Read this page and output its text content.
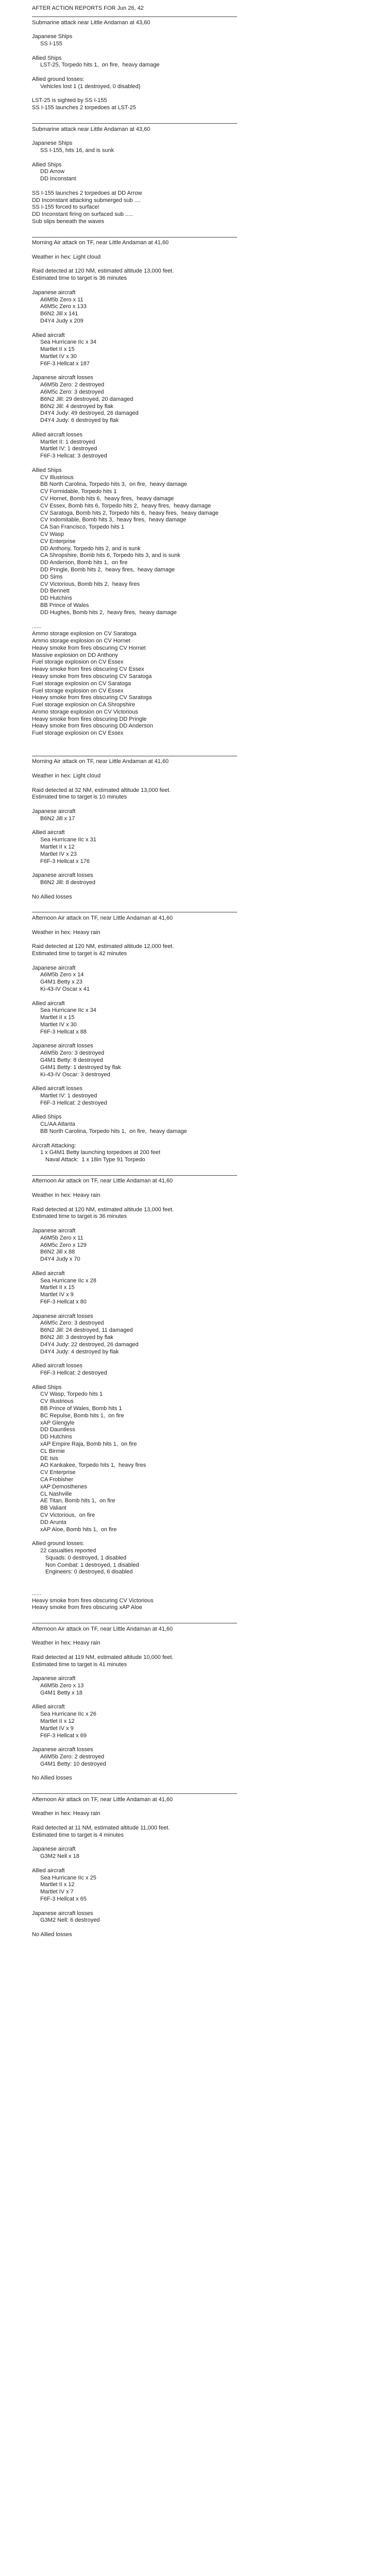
AFTER ACTION REPORTS FOR Jun 26, 42
Submarine attack near Little Andaman at 43,60
Japanese Ships
SS I-155
Allied Ships
LST-25, Torpedo hits 1,  on fire,  heavy damage
Allied ground losses:
Vehicles lost 1 (1 destroyed, 0 disabled)
LST-25 is sighted by SS I-155
SS I-155 launches 2 torpedoes at LST-25
Submarine attack near Little Andaman at 43,60
Japanese Ships
SS I-155, hits 16, and is sunk
Allied Ships
DD Arrow
DD Inconstant
SS I-155 launches 2 torpedoes at DD Arrow
DD Inconstant attacking submerged sub ....
SS I-155 forced to surface!
DD Inconstant firing on surfaced sub .....
Sub slips beneath the waves
Morning Air attack on TF, near Little Andaman at 41,60
Weather in hex: Light cloud
Raid detected at 120 NM, estimated altitude 13,000 feet.
Estimated time to target is 36 minutes
Japanese aircraft
A6M5b Zero x 11
A6M5c Zero x 133
B6N2 Jill x 141
D4Y4 Judy x 209
Allied aircraft
Sea Hurricane IIc x 34
Martlet II x 15
Martlet IV x 30
F6F-3 Hellcat x 187
Japanese aircraft losses
A6M5b Zero: 2 destroyed
A6M5c Zero: 3 destroyed
B6N2 Jill: 29 destroyed, 20 damaged
B6N2 Jill: 4 destroyed by flak
D4Y4 Judy: 49 destroyed, 26 damaged
D4Y4 Judy: 6 destroyed by flak
Allied aircraft losses
Martlet II: 1 destroyed
Martlet IV: 1 destroyed
F6F-3 Hellcat: 3 destroyed
Allied Ships
CV Illustrious
BB North Carolina, Torpedo hits 3,  on fire,  heavy damage
CV Formidable, Torpedo hits 1
CV Hornet, Bomb hits 6,  heavy fires,  heavy damage
CV Essex, Bomb hits 6, Torpedo hits 2,  heavy fires,  heavy damage
CV Saratoga, Bomb hits 2, Torpedo hits 6,  heavy fires,  heavy damage
CV Indomitable, Bomb hits 3,  heavy fires,  heavy damage
CA San Francisco, Torpedo hits 1
CV Wasp
CV Enterprise
DD Anthony, Torpedo hits 2, and is sunk
CA Shropshire, Bomb hits 6, Torpedo hits 3, and is sunk
DD Anderson, Bomb hits 1,  on fire
DD Pringle, Bomb hits 2,  heavy fires,  heavy damage
DD Sims
CV Victorious, Bomb hits 2,  heavy fires
DD Bennett
DD Hutchins
BB Prince of Wales
DD Hughes, Bomb hits 2,  heavy fires,  heavy damage
......
Ammo storage explosion on CV Saratoga
Ammo storage explosion on CV Hornet
Heavy smoke from fires obscuring CV Hornet
Massive explosion on DD Anthony
Fuel storage explosion on CV Essex
Heavy smoke from fires obscuring CV Essex
Heavy smoke from fires obscuring CV Saratoga
Fuel storage explosion on CV Saratoga
Fuel storage explosion on CV Essex
Heavy smoke from fires obscuring CV Saratoga
Fuel storage explosion on CA Shropshire
Ammo storage explosion on CV Victorious
Heavy smoke from fires obscuring DD Pringle
Heavy smoke from fires obscuring DD Anderson
Fuel storage explosion on CV Essex
Morning Air attack on TF, near Little Andaman at 41,60
Weather in hex: Light cloud
Raid detected at 32 NM, estimated altitude 13,000 feet.
Estimated time to target is 10 minutes
Japanese aircraft
B6N2 Jill x 17
Allied aircraft
Sea Hurricane IIc x 31
Martlet II x 12
Martlet IV x 23
F6F-3 Hellcat x 176
Japanese aircraft losses
B6N2 Jill: 8 destroyed
No Allied losses
Afternoon Air attack on TF, near Little Andaman at 41,60
Weather in hex: Heavy rain
Raid detected at 120 NM, estimated altitude 12,000 feet.
Estimated time to target is 42 minutes
Japanese aircraft
A6M5b Zero x 14
G4M1 Betty x 23
Ki-43-IV Oscar x 41
Allied aircraft
Sea Hurricane IIc x 34
Martlet II x 15
Martlet IV x 30
F6F-3 Hellcat x 88
Japanese aircraft losses
A6M5b Zero: 3 destroyed
G4M1 Betty: 8 destroyed
G4M1 Betty: 1 destroyed by flak
Ki-43-IV Oscar: 3 destroyed
Allied aircraft losses
Martlet IV: 1 destroyed
F6F-3 Hellcat: 2 destroyed
Allied Ships
CL/AA Atlanta
BB North Carolina, Torpedo hits 1,  on fire,  heavy damage
Aircraft Attacking:
1 x G4M1 Betty launching torpedoes at 200 feet
Naval Attack:  1 x 18in Type 91 Torpedo
Afternoon Air attack on TF, near Little Andaman at 41,60
Weather in hex: Heavy rain
Raid detected at 120 NM, estimated altitude 13,000 feet.
Estimated time to target is 36 minutes
Japanese aircraft
A6M5b Zero x 11
A6M5c Zero x 129
B6N2 Jill x 88
D4Y4 Judy x 70
Allied aircraft
Sea Hurricane IIc x 28
Martlet II x 15
Martlet IV x 9
F6F-3 Hellcat x 80
Japanese aircraft losses
A6M5c Zero: 3 destroyed
B6N2 Jill: 24 destroyed, 11 damaged
B6N2 Jill: 3 destroyed by flak
D4Y4 Judy: 22 destroyed, 26 damaged
D4Y4 Judy: 4 destroyed by flak
Allied aircraft losses
F6F-3 Hellcat: 2 destroyed
Allied Ships
CV Wasp, Torpedo hits 1
CV Illustrious
BB Prince of Wales, Bomb hits 1
BC Repulse, Bomb hits 1,  on fire
xAP Glengyle
DD Dauntless
DD Hutchins
xAP Empire Raja, Bomb hits 1,  on fire
CL Birmie
DE Isis
AO Kankakee, Torpedo hits 1,  heavy fires
CV Enterprise
CA Frobisher
xAP Demosthenes
CL Nashville
AE Titan, Bomb hits 1,  on fire
BB Valiant
CV Victorious,  on fire
DD Arunta
xAP Aloe, Bomb hits 1,  on fire
Allied ground losses:
22 casualties reported
Squads: 0 destroyed, 1 disabled
Non Combat: 1 destroyed, 1 disabled
Engineers: 0 destroyed, 6 disabled
......
Heavy smoke from fires obscuring CV Victorious
Heavy smoke from fires obscuring xAP Aloe
Afternoon Air attack on TF, near Little Andaman at 41,60
Weather in hex: Heavy rain
Raid detected at 119 NM, estimated altitude 10,000 feet.
Estimated time to target is 41 minutes
Japanese aircraft
A6M5b Zero x 13
G4M1 Betty x 18
Allied aircraft
Sea Hurricane IIc x 26
Martlet II x 12
Martlet IV x 9
F6F-3 Hellcat x 69
Japanese aircraft losses
A6M5b Zero: 2 destroyed
G4M1 Betty: 10 destroyed
No Allied losses
Afternoon Air attack on TF, near Little Andaman at 41,60
Weather in hex: Heavy rain
Raid detected at 11 NM, estimated altitude 11,000 feet.
Estimated time to target is 4 minutes
Japanese aircraft
G3M2 Nell x 18
Allied aircraft
Sea Hurricane IIc x 25
Martlet II x 12
Martlet IV x 7
F6F-3 Hellcat x 65
Japanese aircraft losses
G3M2 Nell: 6 destroyed
No Allied losses
